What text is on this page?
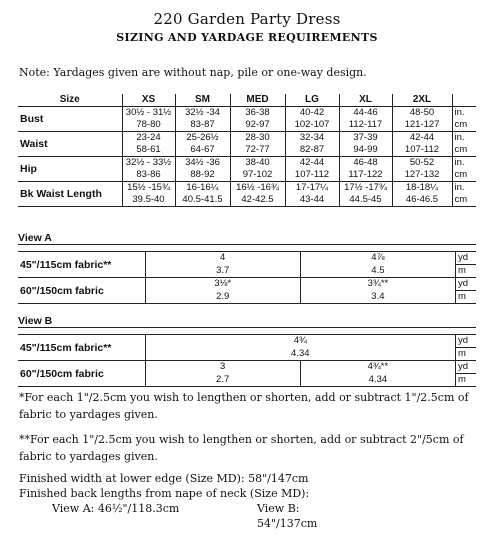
220 Garden Party Dress
SIZING AND YARDAGE REQUIREMENTS
Note: Yardages given are without nap, pile or one-way design.
Size	XS	SM	MED	LG	XL	2XL	
Bust	30½ - 31½	32½ -34	36-38	40-42	44-46	48-50	in.
	78-80	83-87	92-97	102-107	112-117	121-127	cm
Waist	23-24	25-26½	28-30	32-34	37-39	42-44	in.
	58-61	64-67	72-77	82-87	94-99	107-112	cm
Hip	32½ - 33½	34½ -36	38-40	42-44	46-48	50-52	in.
	83-86	88-92	97-102	107-112	117-122	127-132	cm
Bk Waist Length	15½ -15¾	16-16¼	16½ -16¾	17-17¼	17½ -17¾	18-18¼	in.
	39.5-40	40.5-41.5	42-42.5	43-44	44.5-45	46-46.5	cm
View A			

45"/115cm fabric**	4	4⅞	yd
	3.7	4.5	m
60"/150cm fabric	3⅛*	3¾**	yd
	2.9	3.4	m
View B			

45"/115cm fabric**	4¾		yd
	4.34		m
60"/150cm fabric	3	4¾**	yd
	2.7	4.34	m
*For each 1"/2.5cm you wish to lengthen or shorten, add or subtract 1"/2.5cm of fabric to yardages given.
**For each 1"/2.5cm you wish to lengthen or shorten, add or subtract 2"/5cm of fabric to yardages given.
Finished width at lower edge (Size MD): 58"/147cm
Finished back lengths from nape of neck (Size MD):
View A: 46½"/118.3cm	View B: 54"/137cm
